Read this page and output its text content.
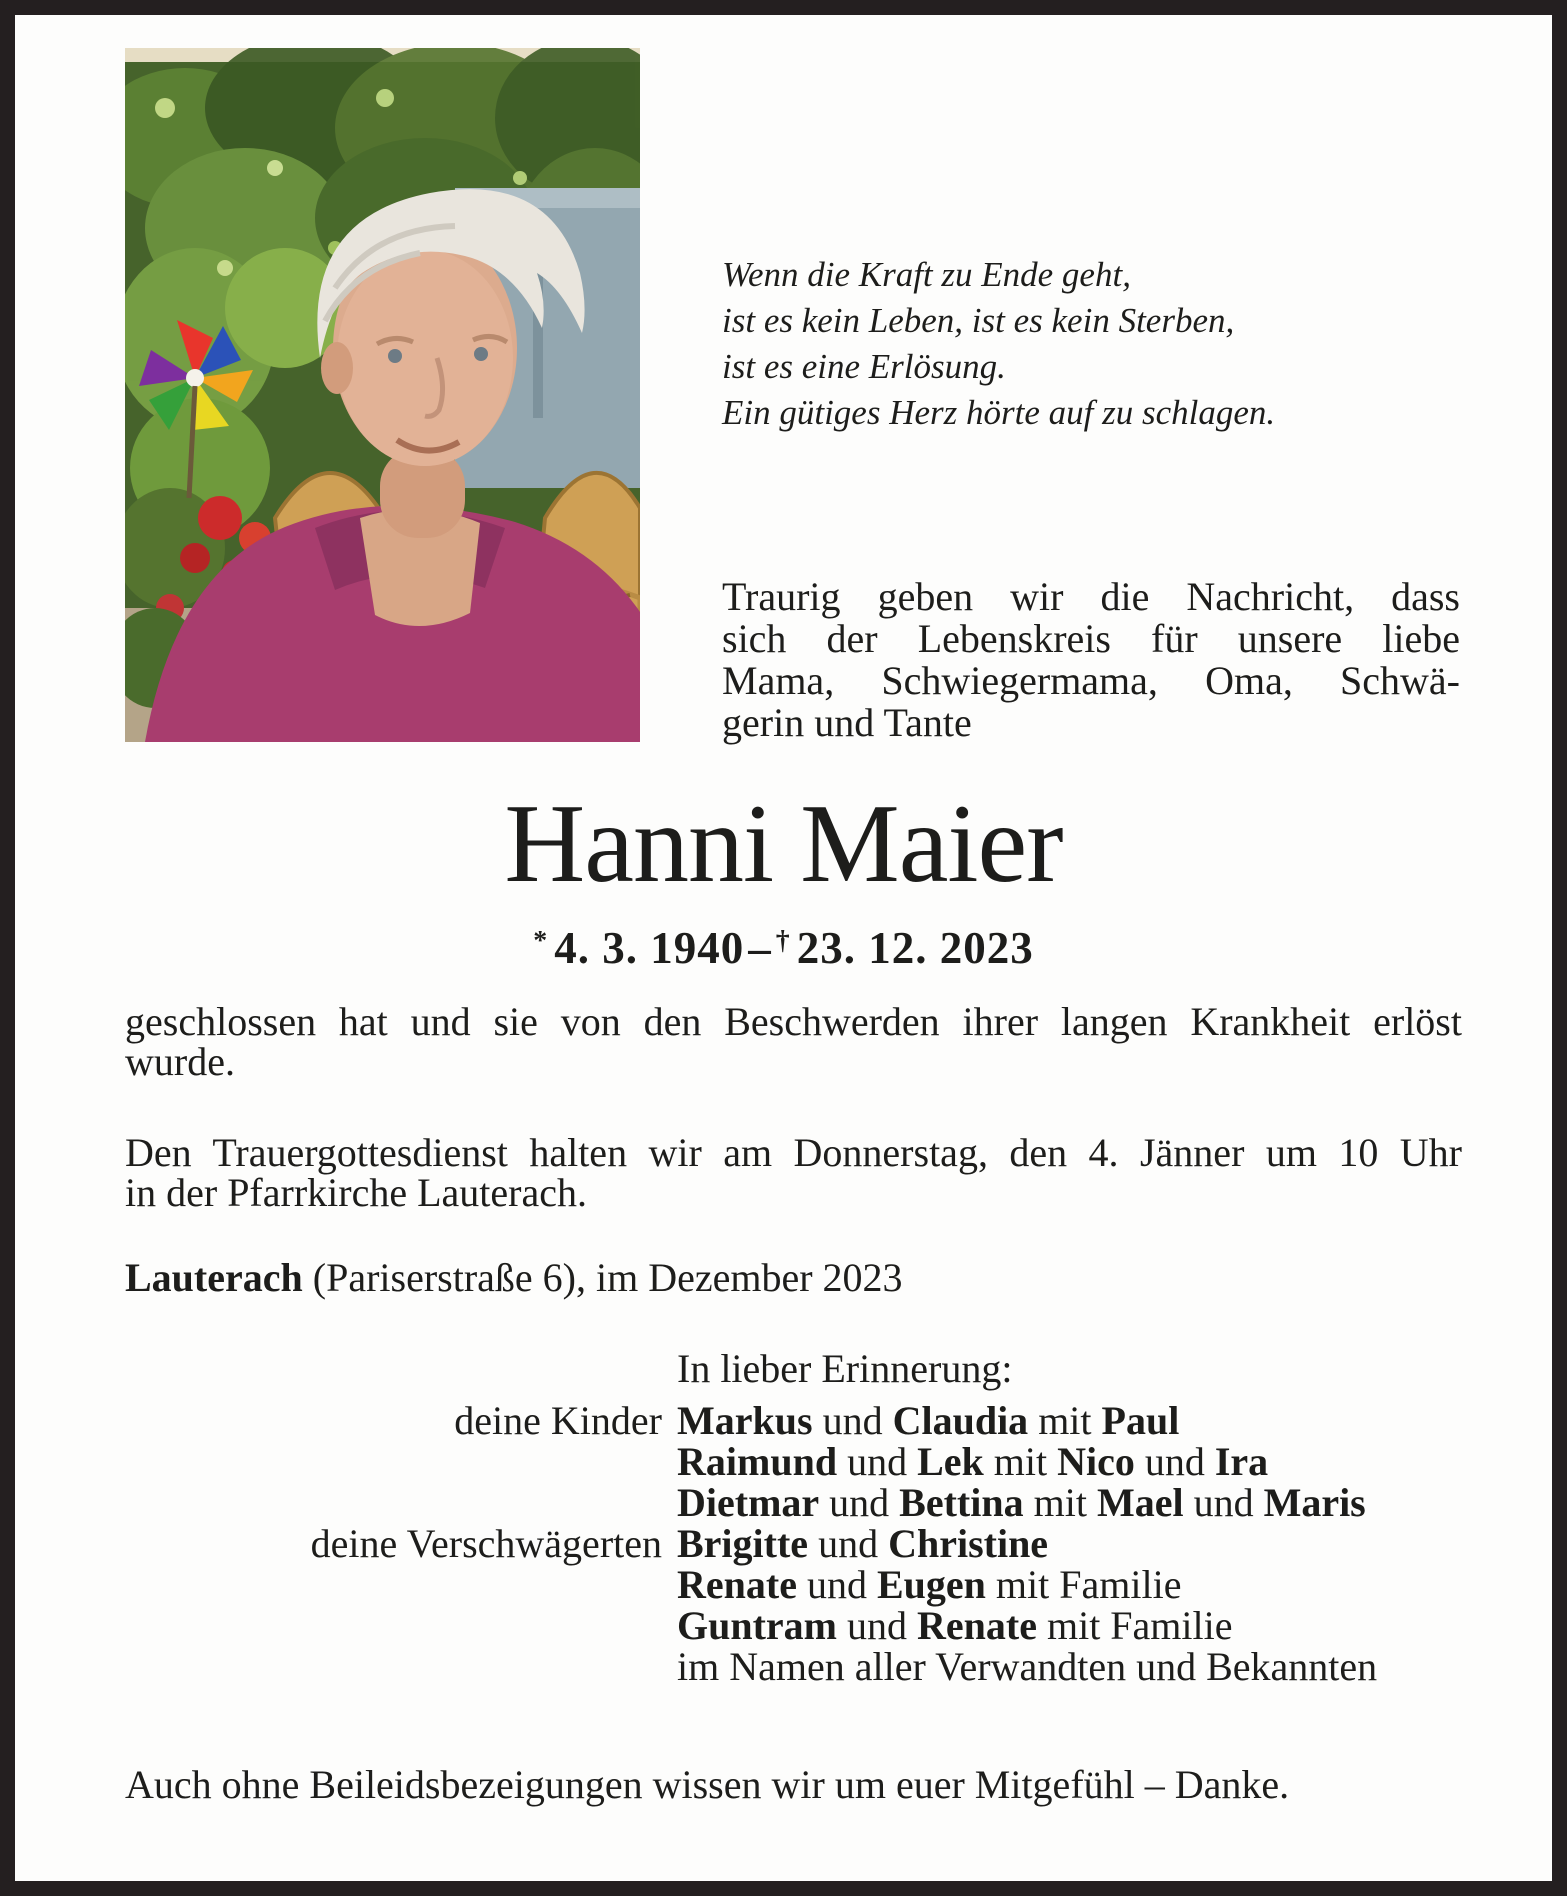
Wenn die Kraft zu Ende geht,
ist es kein Leben, ist es kein Sterben,
ist es eine Erlösung.
Ein gütiges Herz hörte auf zu schlagen.
Traurig geben wir die Nachricht, dass
sich der Lebenskreis für unsere liebe
Mama, Schwiegermama, Oma, Schwä-
gerin und Tante
Hanni Maier
* 4. 3. 1940– † 23. 12. 2023
geschlossen hat und sie von den Beschwerden ihrer langen Krankheit erlöst
wurde.
Den Trauergottesdienst halten wir am Donnerstag, den 4. Jänner um 10 Uhr
in der Pfarrkirche Lauterach.
Lauterach (Pariserstraße 6), im Dezember 2023
In lieber Erinnerung:
deine Kinder Markus und Claudia mit Paul
Raimund und Lek mit Nico und Ira
Dietmar und Bettina mit Mael und Maris
deine Verschwägerten Brigitte und Christine
Renate und Eugen mit Familie
Guntram und Renate mit Familie
im Namen aller Verwandten und Bekannten
Auch ohne Beileidsbezeigungen wissen wir um euer Mitgefühl – Danke.
